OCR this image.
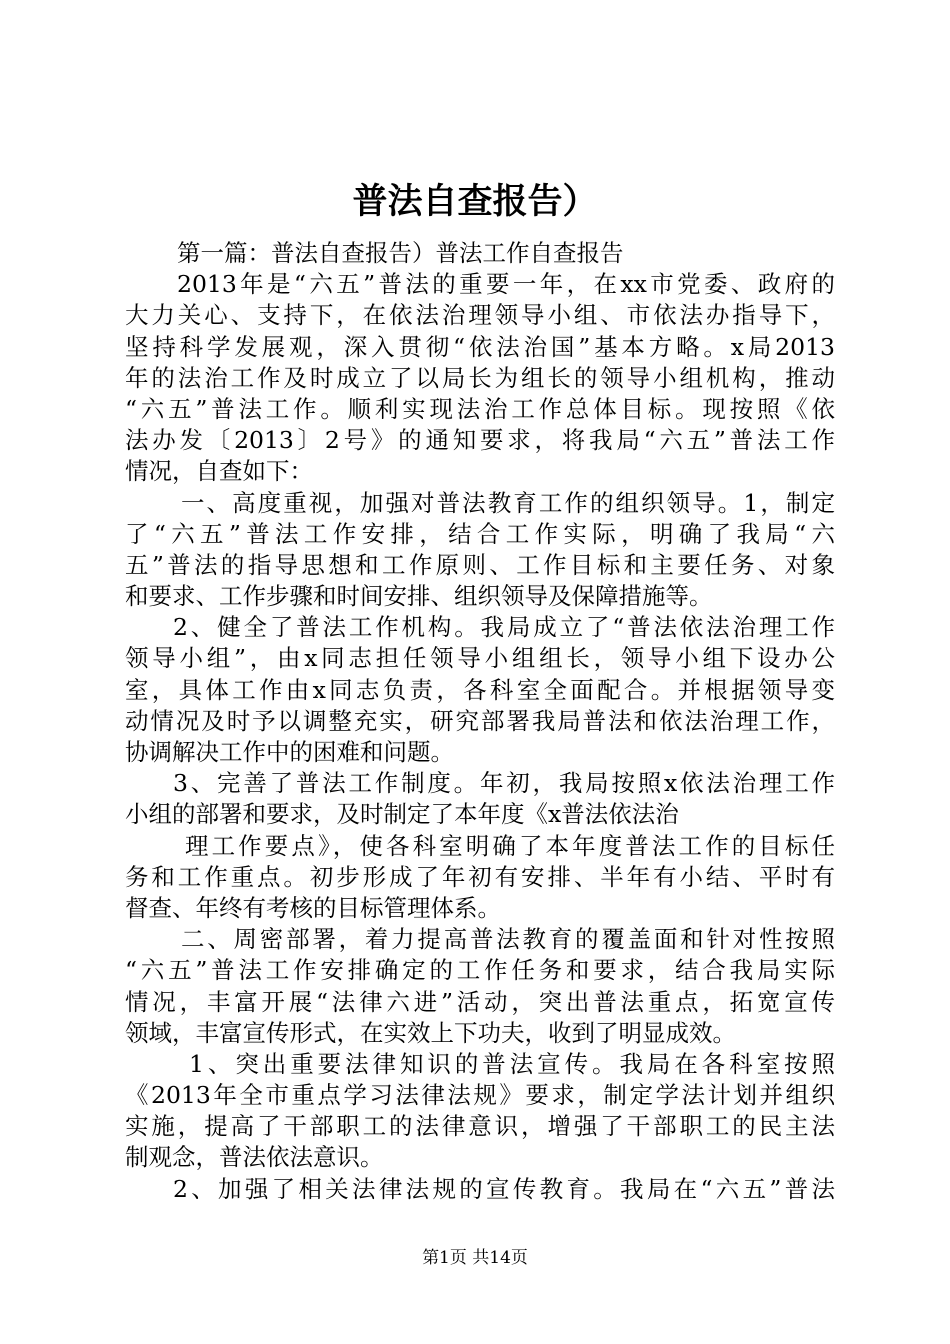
普法自查报告）
第一篇：普法自查报告）普法工作自查报告
2013年是“六五”普法的重要一年，在xx市党委、政府的
大力关心、支持下，在依法治理领导小组、市依法办指导下，
坚持科学发展观，深入贯彻“依法治国”基本方略。x局2013
年的法治工作及时成立了以局长为组长的领导小组机构，推动
“六五”普法工作。顺利实现法治工作总体目标。现按照《依
法办发〔2013〕2号》的通知要求，将我局“六五”普法工作
情况，自查如下：
一、高度重视，加强对普法教育工作的组织领导。1，制定
了“六五”普法工作安排，结合工作实际，明确了我局“六
五”普法的指导思想和工作原则、工作目标和主要任务、对象
和要求、工作步骤和时间安排、组织领导及保障措施等。
2、健全了普法工作机构。我局成立了“普法依法治理工作
领导小组”，由x同志担任领导小组组长，领导小组下设办公
室，具体工作由x同志负责，各科室全面配合。并根据领导变
动情况及时予以调整充实，研究部署我局普法和依法治理工作，
协调解决工作中的困难和问题。
3、完善了普法工作制度。年初，我局按照x依法治理工作
小组的部署和要求，及时制定了本年度《x普法依法治
理工作要点》，使各科室明确了本年度普法工作的目标任
务和工作重点。初步形成了年初有安排、半年有小结、平时有
督查、年终有考核的目标管理体系。
二、周密部署，着力提高普法教育的覆盖面和针对性按照
“六五”普法工作安排确定的工作任务和要求，结合我局实际
情况，丰富开展“法律六进”活动，突出普法重点，拓宽宣传
领域，丰富宣传形式，在实效上下功夫，收到了明显成效。
1、突出重要法律知识的普法宣传。我局在各科室按照
《2013年全市重点学习法律法规》要求，制定学法计划并组织
实施，提高了干部职工的法律意识，增强了干部职工的民主法
制观念，普法依法意识。
2、加强了相关法律法规的宣传教育。我局在“六五”普法
第1页 共14页
